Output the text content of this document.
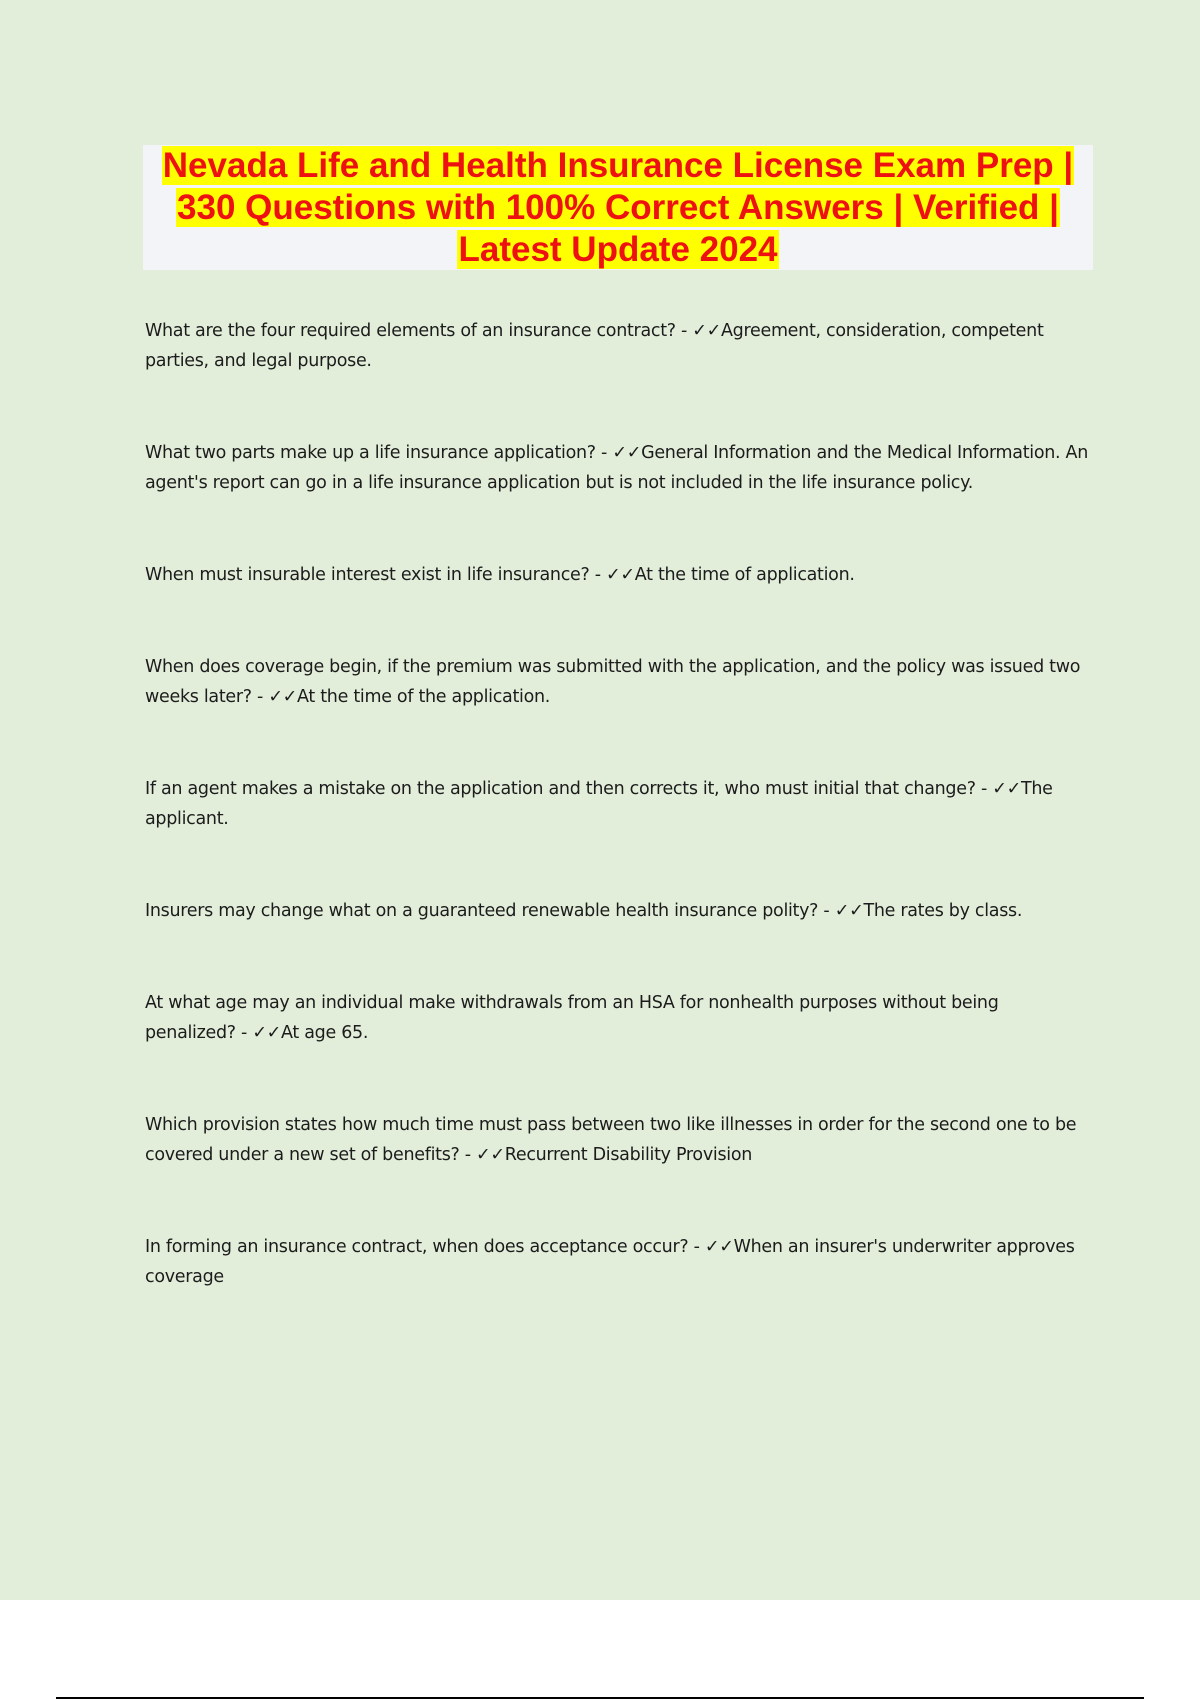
Nevada Life and Health Insurance License Exam Prep | 330 Questions with 100% Correct Answers | Verified | Latest Update 2024

What are the four required elements of an insurance contract? - ✓✓Agreement, consideration, competent parties, and legal purpose.

What two parts make up a life insurance application? - ✓✓General Information and the Medical Information. An agent's report can go in a life insurance application but is not included in the life insurance policy.

When must insurable interest exist in life insurance? - ✓✓At the time of application.

When does coverage begin, if the premium was submitted with the application, and the policy was issued two weeks later? - ✓✓At the time of the application.

If an agent makes a mistake on the application and then corrects it, who must initial that change? - ✓✓The applicant.

Insurers may change what on a guaranteed renewable health insurance polity? - ✓✓The rates by class.

At what age may an individual make withdrawals from an HSA for nonhealth purposes without being penalized? - ✓✓At age 65.

Which provision states how much time must pass between two like illnesses in order for the second one to be covered under a new set of benefits? - ✓✓Recurrent Disability Provision

In forming an insurance contract, when does acceptance occur? - ✓✓When an insurer's underwriter approves coverage
